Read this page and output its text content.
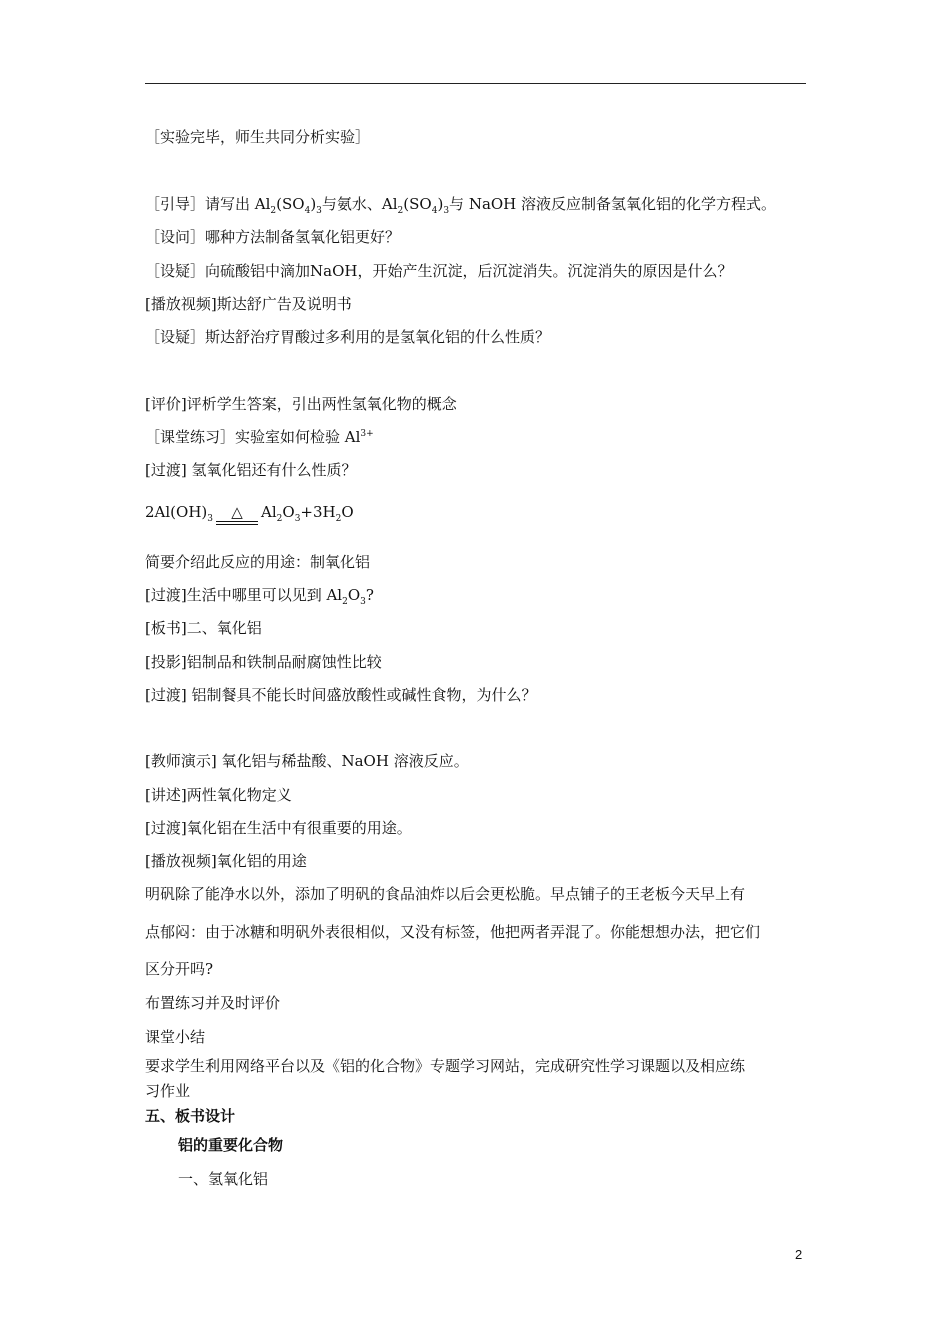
［实验完毕，师生共同分析实验］
［引导］请写出 $Al_2(SO_4)_3$与氨水、$Al_2(SO_4)_3$与 NaOH 溶液反应制备氢氧化铝的化学方程式。
［设问］哪种方法制备氢氧化铝更好？
［设疑］向硫酸铝中滴加NaOH，开始产生沉淀，后沉淀消失。沉淀消失的原因是什么？
[播放视频]斯达舒广告及说明书
［设疑］斯达舒治疗胃酸过多利用的是氢氧化铝的什么性质？
[评价]评析学生答案，引出两性氢氧化物的概念
［课堂练习］实验室如何检验 $Al^{3+}$
[过渡] 氢氧化铝还有什么性质？
$2Al(OH)_3$ △ $Al_2O_3+3H_2O$
简要介绍此反应的用途：制氧化铝
[过渡]生活中哪里可以见到 $Al_2O_3$?
[板书]二、氧化铝
[投影]铝制品和铁制品耐腐蚀性比较
[过渡] 铝制餐具不能长时间盛放酸性或碱性食物，为什么？
[教师演示] 氧化铝与稀盐酸、NaOH 溶液反应。
[讲述]两性氧化物定义
[过渡]氧化铝在生活中有很重要的用途。
[播放视频]氧化铝的用途
明矾除了能净水以外，添加了明矾的食品油炸以后会更松脆。早点铺子的王老板今天早上有
点郁闷：由于冰糖和明矾外表很相似，又没有标签，他把两者弄混了。你能想想办法，把它们
区分开吗?
布置练习并及时评价
课堂小结
要求学生利用网络平台以及《铝的化合物》专题学习网站，完成研究性学习课题以及相应练
习作业
五、板书设计
铝的重要化合物
一、氢氧化铝
2
